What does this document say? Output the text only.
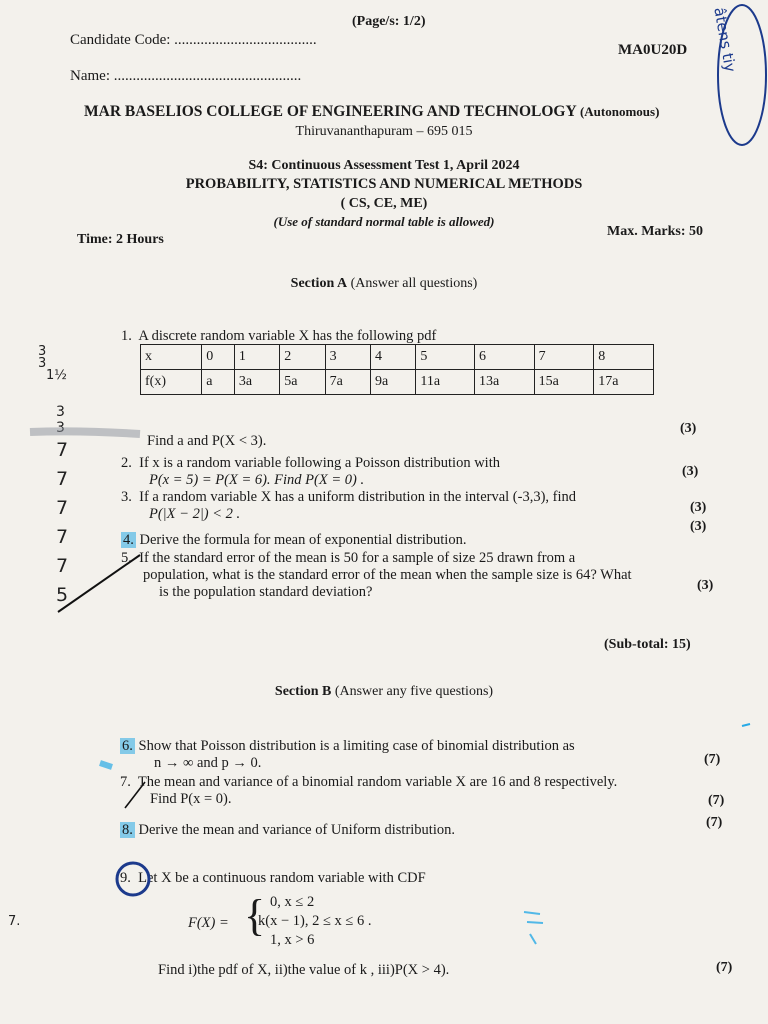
(Page/s: 1/2)
Candidate Code: ......................................
MA0U20D
Name: ..................................................
MAR BASELIOS COLLEGE OF ENGINEERING AND TECHNOLOGY (Autonomous)
Thiruvananthapuram – 695 015
S4: Continuous Assessment Test 1, April 2024
PROBABILITY, STATISTICS AND NUMERICAL METHODS
( CS, CE, ME)
(Use of standard normal table is allowed)
Time: 2 Hours
Max. Marks: 50
Section A (Answer all questions)
1. A discrete random variable X has the following pdf
x	0	1	2	3	4	5	6	7	8
f(x)	a	3a	5a	7a	9a	11a	13a	15a	17a
Find a and P(X < 3).
(3)
2. If x is a random variable following a Poisson distribution with
P(x = 5) = P(X = 6). Find P(X = 0) .
(3)
3. If a random variable X has a uniform distribution in the interval (-3,3), find
P(|X − 2|) < 2 .	(3)
4. Derive the formula for mean of exponential distribution.
(3)
5. If the standard error of the mean is 50 for a sample of size 25 drawn from a
population, what is the standard error of the mean when the sample size is 64? What
is the population standard deviation?	(3)
(Sub-total: 15)
Section B (Answer any five questions)
6. Show that Poisson distribution is a limiting case of binomial distribution as
n → ∞ and p → 0.	(7)
7. The mean and variance of a binomial random variable X are 16 and 8 respectively.
Find P(x = 0).	(7)
8. Derive the mean and variance of Uniform distribution.	(7)
9. Let X be a continuous random variable with CDF
F(X) = { 0, x ≤ 2
k(x − 1), 2 ≤ x ≤ 6 .
1, x > 6
Find i)the pdf of X, ii)the value of k , iii)P(X > 4).	(7)
7.
âtens tiy
3
3
1½
3
3
7
7
7
7
7
5
